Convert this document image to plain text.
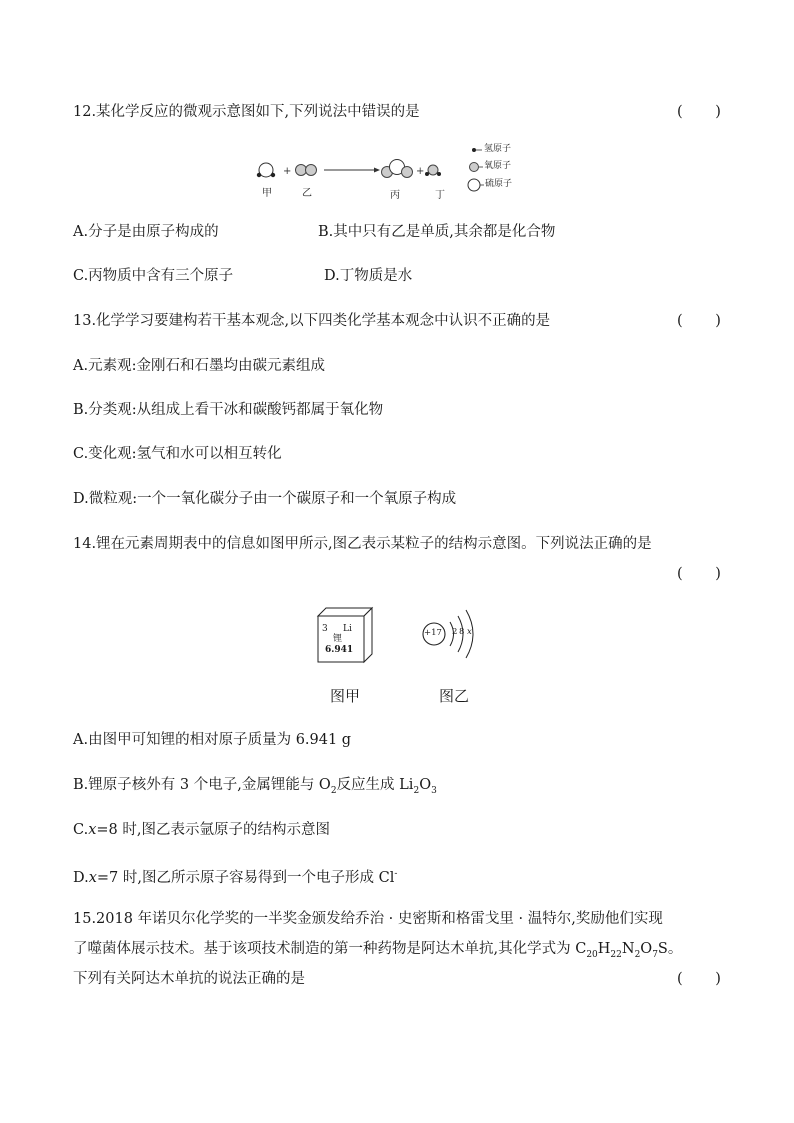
12.某化学反应的微观示意图如下,下列说法中错误的是	( )
+	+
氢原子
氧原子
硫原子
甲	乙	丙	丁
A.分子是由原子构成的	B.其中只有乙是单质,其余都是化合物
C.丙物质中含有三个原子	D.丁物质是水
13.化学学习要建构若干基本观念,以下四类化学基本观念中认识不正确的是	( )
A.元素观:金刚石和石墨均由碳元素组成
B.分类观:从组成上看干冰和碳酸钙都属于氧化物
C.变化观:氢气和水可以相互转化
D.微粒观:一个一氧化碳分子由一个碳原子和一个氧原子构成
14.锂在元素周期表中的信息如图甲所示,图乙表示某粒子的结构示意图。下列说法正确的是
( )
3 Li
锂
6.941
+17 2 8 x
图甲	图乙
A.由图甲可知锂的相对原子质量为 6.941 g
B.锂原子核外有 3 个电子,金属锂能与 $O_2$反应生成 $Li_2O_3$
C.x=8 时,图乙表示氩原子的结构示意图
D.x=7 时,图乙所示原子容易得到一个电子形成 Cl-
15.2018 年诺贝尔化学奖的一半奖金颁发给乔治 · 史密斯和格雷戈里 · 温特尔,奖励他们实现
了噬菌体展示技术。基于该项技术制造的第一种药物是阿达木单抗,其化学式为 $C_{20}H_{22}N_2O_7S$。
下列有关阿达木单抗的说法正确的是	( )
